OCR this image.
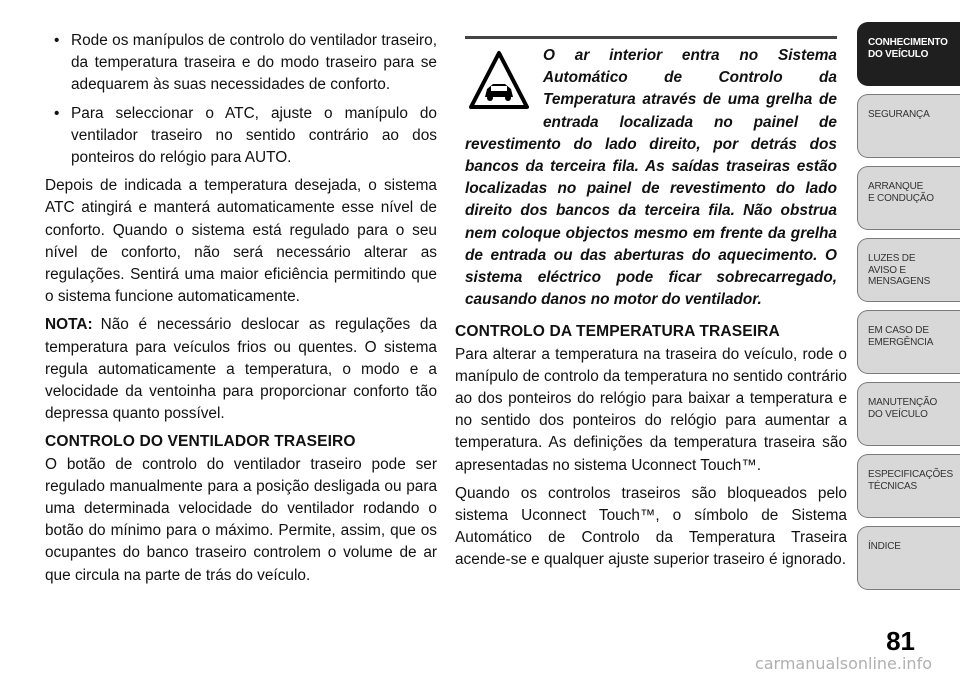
• Rode os manípulos de controlo do ventilador traseiro, da temperatura traseira e do modo traseiro para se adequarem às suas necessidades de conforto.
• Para seleccionar o ATC, ajuste o manípulo do ventilador traseiro no sentido contrário ao dos ponteiros do relógio para AUTO.

Depois de indicada a temperatura desejada, o sistema ATC atingirá e manterá automaticamente esse nível de conforto. Quando o sistema está regulado para o seu nível de conforto, não será necessário alterar as regulações. Sentirá uma maior eficiência permitindo que o sistema funcione automaticamente.

NOTA: Não é necessário deslocar as regulações da temperatura para veículos frios ou quentes. O sistema regula automaticamente a temperatura, o modo e a velocidade da ventoinha para proporcionar conforto tão depressa quanto possível.

CONTROLO DO VENTILADOR TRASEIRO

O botão de controlo do ventilador traseiro pode ser regulado manualmente para a posição desligada ou para uma determinada velocidade do ventilador rodando o botão do mínimo para o máximo. Permite, assim, que os ocupantes do banco traseiro controlem o volume de ar que circula na parte de trás do veículo.

O ar interior entra no Sistema Automático de Controlo da Temperatura através de uma grelha de entrada localizada no painel de revestimento do lado direito, por detrás dos bancos da terceira fila. As saídas traseiras estão localizadas no painel de revestimento do lado direito dos bancos da terceira fila. Não obstrua nem coloque objectos mesmo em frente da grelha de entrada ou das aberturas do aquecimento. O sistema eléctrico pode ficar sobrecarregado, causando danos no motor do ventilador.
CONTROLO DA TEMPERATURA TRASEIRA

Para alterar a temperatura na traseira do veículo, rode o manípulo de controlo da temperatura no sentido contrário ao dos ponteiros do relógio para baixar a temperatura e no sentido dos ponteiros do relógio para aumentar a temperatura. As definições da temperatura traseira são apresentadas no sistema Uconnect Touch™.

Quando os controlos traseiros são bloqueados pelo sistema Uconnect Touch™, o símbolo de Sistema Automático de Controlo da Temperatura Traseira acende-se e qualquer ajuste superior traseiro é ignorado.

CONHECIMENTO
DO VEÍCULO
SEGURANÇA
ARRANQUE
E CONDUÇÃO
LUZES DE
AVISO E
MENSAGENS
EM CASO DE
EMERGÊNCIA
MANUTENÇÃO
DO VEÍCULO
ESPECIFICAÇÕES
TÉCNICAS
ÍNDICE
81
carmanualsonline.info
